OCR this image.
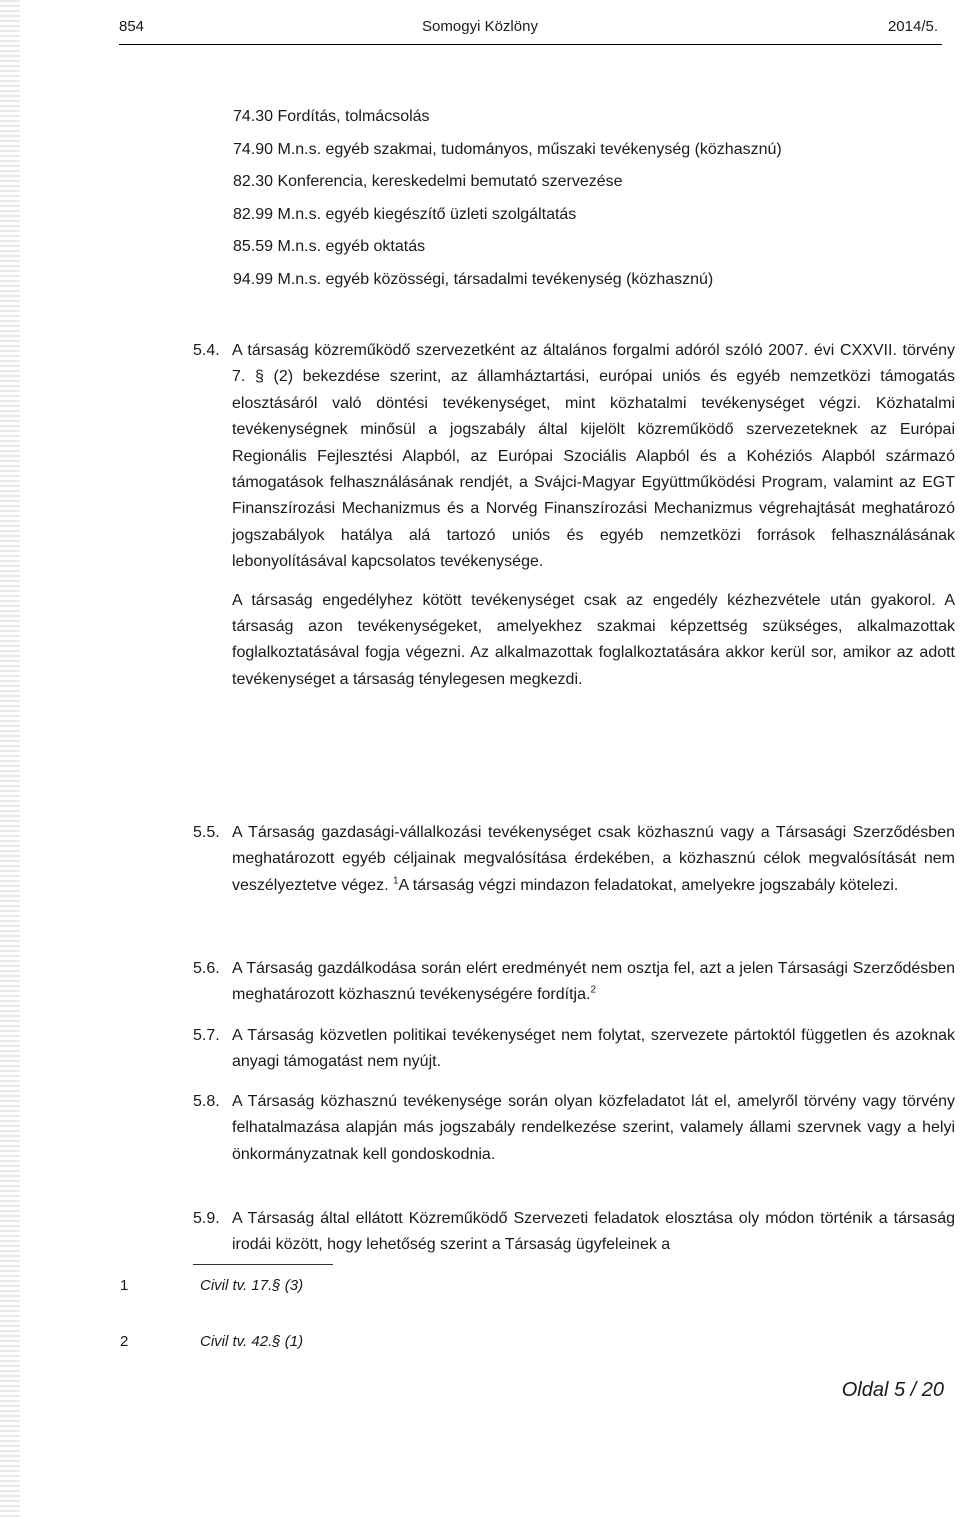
854	Somogyi Közlöny	2014/5.
74.30 Fordítás, tolmácsolás
74.90 M.n.s. egyéb szakmai, tudományos, műszaki tevékenység (közhasznú)
82.30 Konferencia, kereskedelmi bemutató szervezése
82.99 M.n.s. egyéb kiegészítő üzleti szolgáltatás
85.59 M.n.s. egyéb oktatás
94.99 M.n.s. egyéb közösségi, társadalmi tevékenység (közhasznú)
5.4. A társaság közreműködő szervezetként az általános forgalmi adóról szóló 2007. évi CXXVII. törvény 7. § (2) bekezdése szerint, az államháztartási, európai uniós és egyéb nemzetközi támogatás elosztásáról való döntési tevékenységet, mint közhatalmi tevékenységet végzi. Közhatalmi tevékenységnek minősül a jogszabály által kijelölt közreműködő szervezeteknek az Európai Regionális Fejlesztési Alapból, az Európai Szociális Alapból és a Kohéziós Alapból származó támogatások felhasználásának rendjét, a Svájci-Magyar Együttműködési Program, valamint az EGT Finanszírozási Mechanizmus és a Norvég Finanszírozási Mechanizmus végrehajtását meghatározó jogszabályok hatálya alá tartozó uniós és egyéb nemzetközi források felhasználásának lebonyolításával kapcsolatos tevékenysége.

A társaság engedélyhez kötött tevékenységet csak az engedély kézhezvétele után gyakorol. A társaság azon tevékenységeket, amelyekhez szakmai képzettség szükséges, alkalmazottak foglalkoztatásával fogja végezni. Az alkalmazottak foglalkoztatására akkor kerül sor, amikor az adott tevékenységet a társaság ténylegesen megkezdi.

5.5. A Társaság gazdasági-vállalkozási tevékenységet csak közhasznú vagy a Társasági Szerződésben meghatározott egyéb céljainak megvalósítása érdekében, a közhasznú célok megvalósítását nem veszélyeztetve végez. $^1$A társaság végzi mindazon feladatokat, amelyekre jogszabály kötelezi.

5.6. A Társaság gazdálkodása során elért eredményét nem osztja fel, azt a jelen Társasági Szerződésben meghatározott közhasznú tevékenységére fordítja.$^2$

5.7. A Társaság közvetlen politikai tevékenységet nem folytat, szervezete pártoktól független és azoknak anyagi támogatást nem nyújt.

5.8. A Társaság közhasznú tevékenysége során olyan közfeladatot lát el, amelyről törvény vagy törvény felhatalmazása alapján más jogszabály rendelkezése szerint, valamely állami szervnek vagy a helyi önkormányzatnak kell gondoskodnia.

5.9. A Társaság által ellátott Közreműködő Szervezeti feladatok elosztása oly módon történik a társaság irodái között, hogy lehetőség szerint a Társaság ügyfeleinek a

1	Civil tv. 17.§ (3)
2	Civil tv. 42.§ (1)
Oldal 5 / 20
